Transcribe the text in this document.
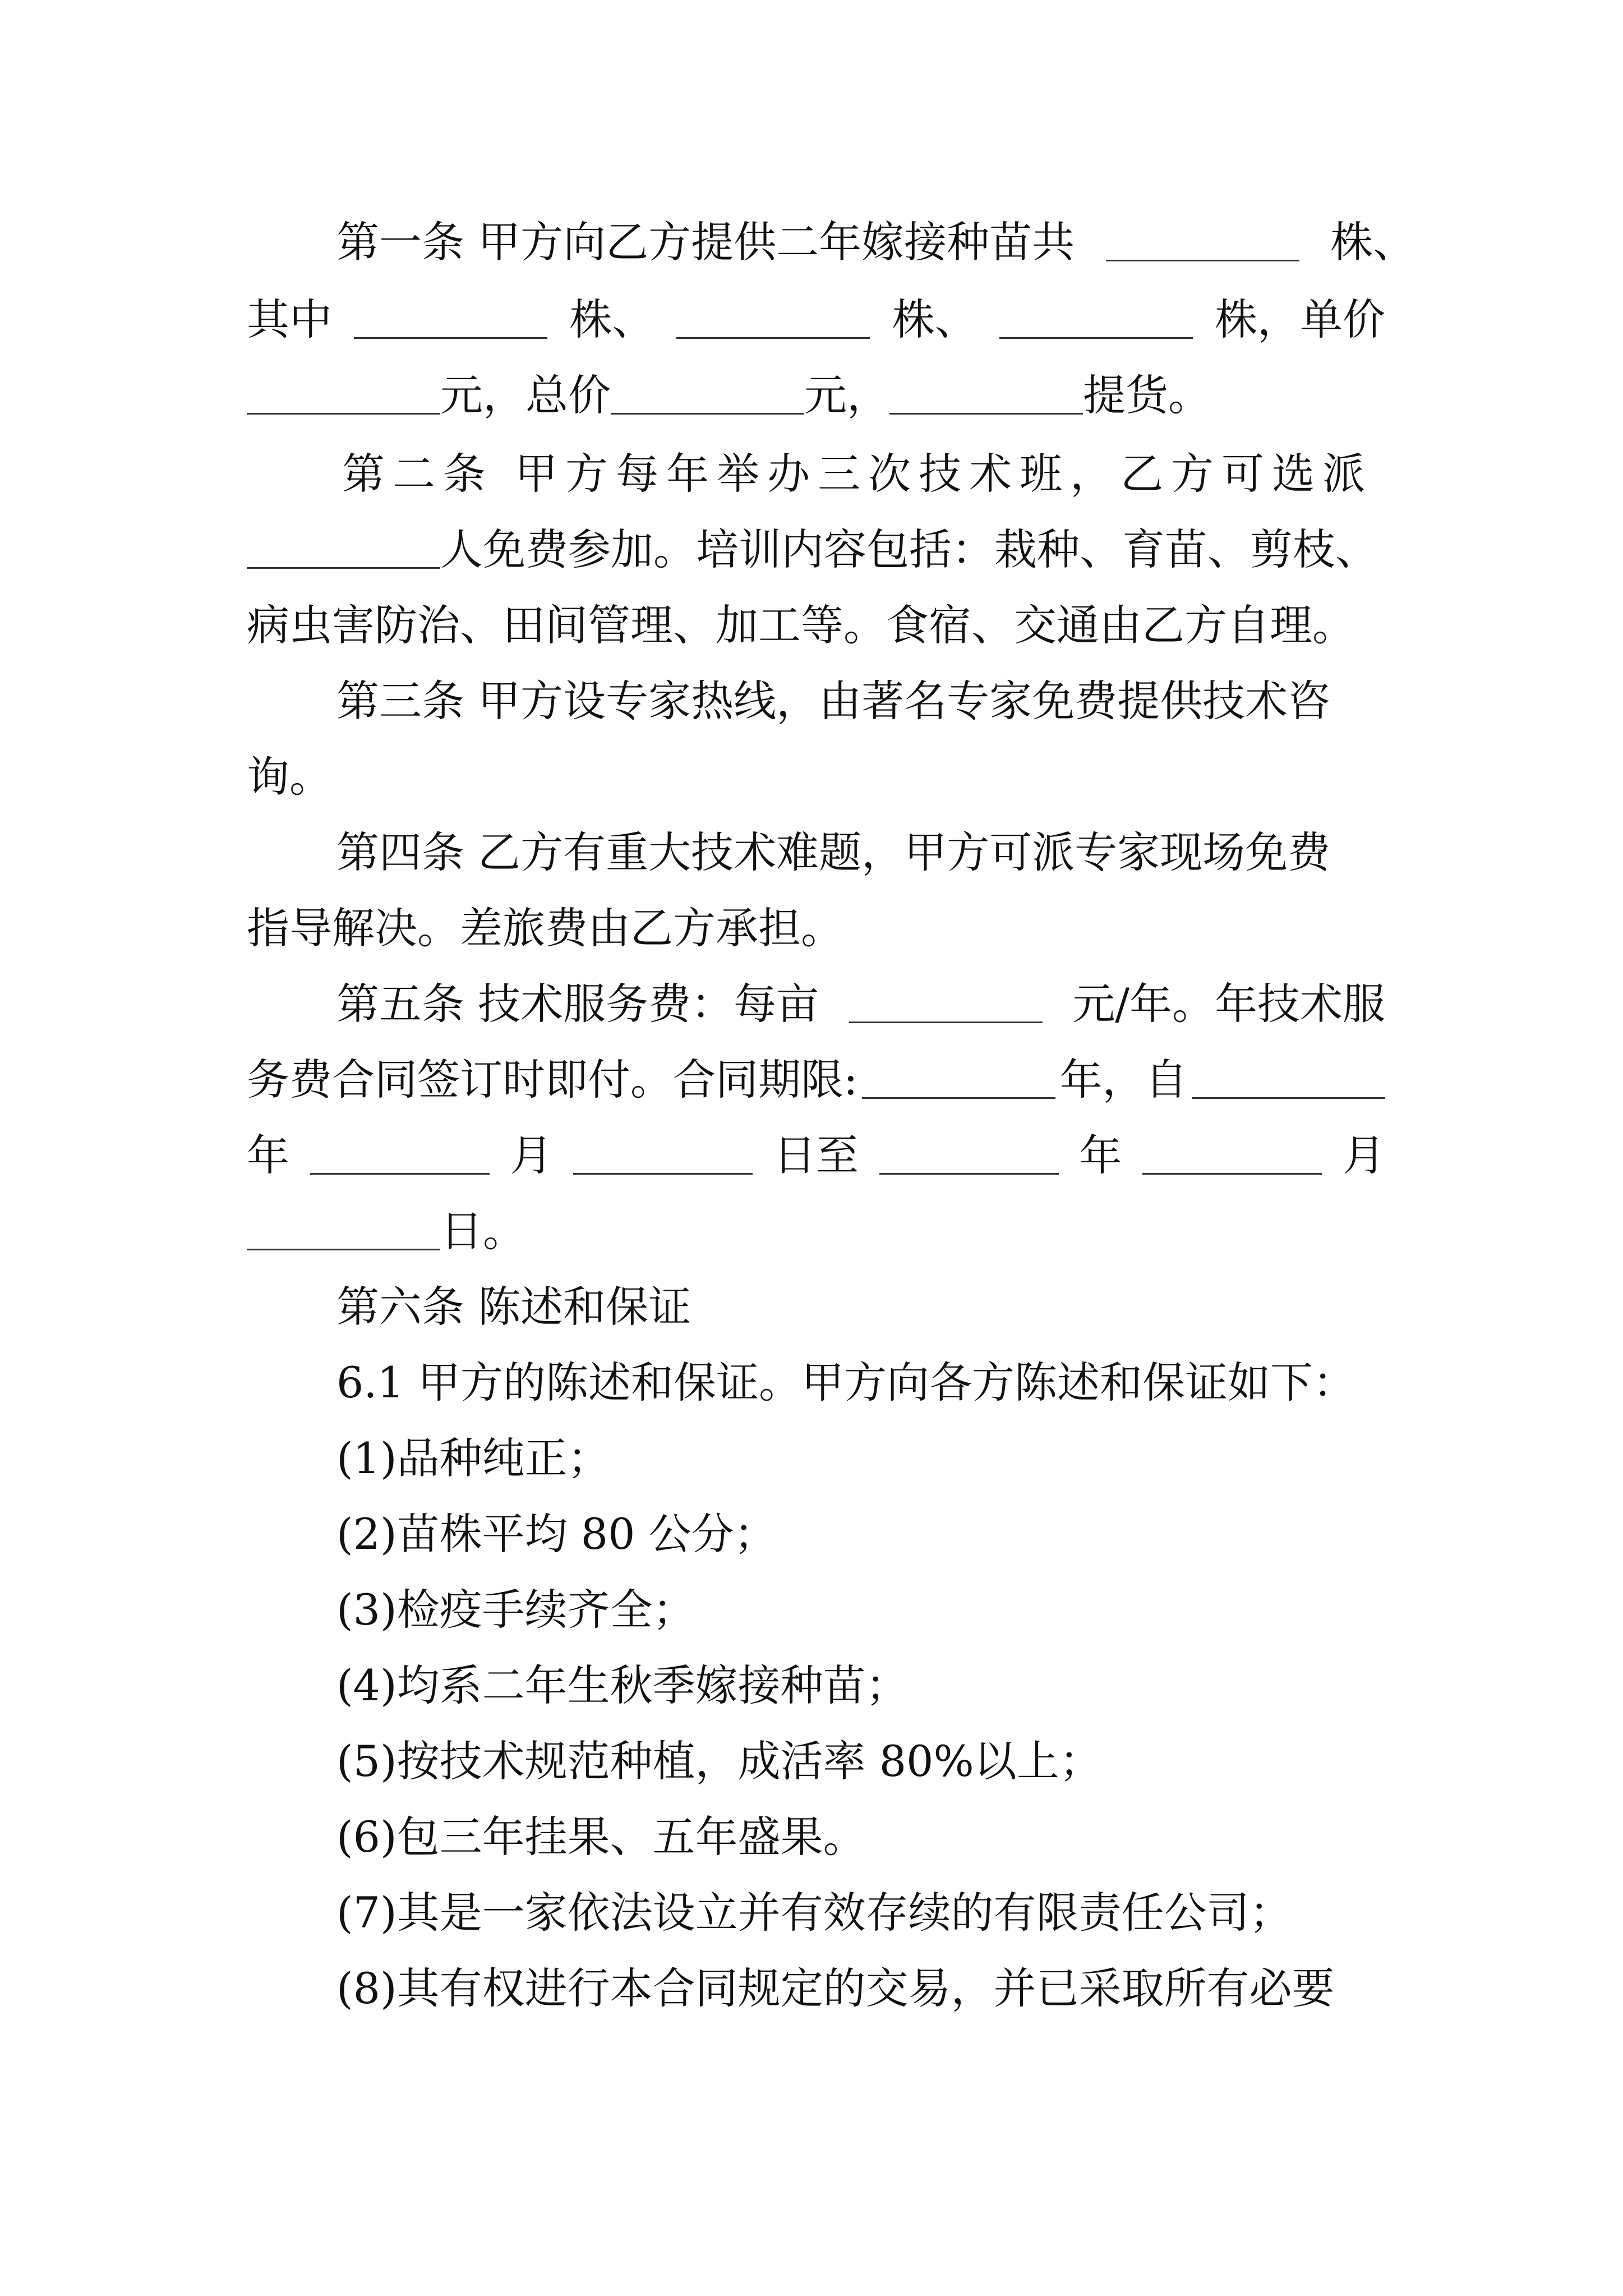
第一条 甲方向乙方提供二年嫁接种苗共	株、
其中	株、	株、	株，单价
元，总价	元，	提货。
第二条 甲方每年举办三次技术班，乙方可选派
人免费参加。培训内容包括：栽种、育苗、剪枝、
病虫害防治、田间管理、加工等。食宿、交通由乙方自理。
第三条 甲方设专家热线，由著名专家免费提供技术咨
询。
第四条 乙方有重大技术难题，甲方可派专家现场免费
指导解决。差旅费由乙方承担。
第五条 技术服务费：每亩	元/年。年技术服
务费合同签订时即付。合同期限:	年，自
年	月	日至	年	月
日。
第六条 陈述和保证
6.1 甲方的陈述和保证。甲方向各方陈述和保证如下：
(1)品种纯正；
(2)苗株平均 80 公分；
(3)检疫手续齐全；
(4)均系二年生秋季嫁接种苗；
(5)按技术规范种植，成活率 80%以上；
(6)包三年挂果、五年盛果。
(7)其是一家依法设立并有效存续的有限责任公司；
(8)其有权进行本合同规定的交易，并已采取所有必要
